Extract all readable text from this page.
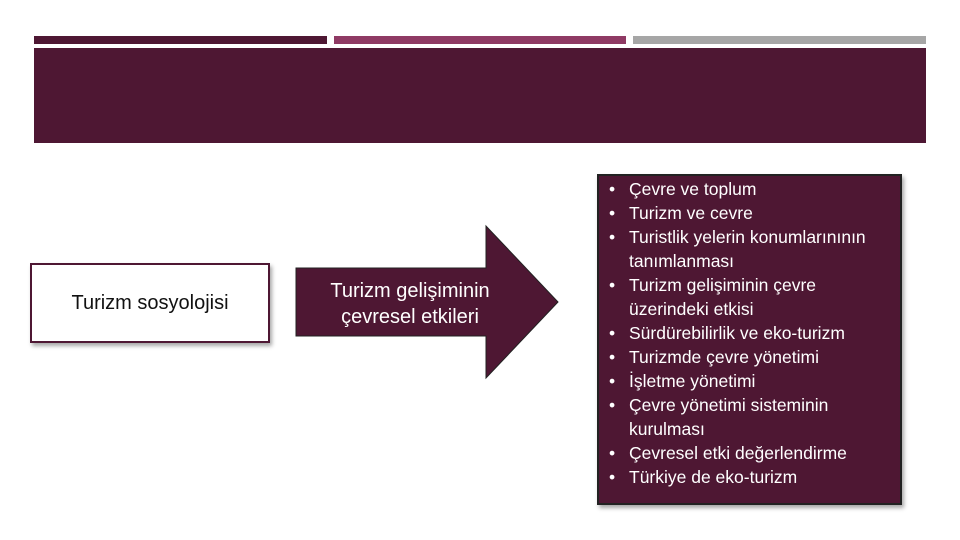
Turizm sosyolojisi
Turizm gelişiminin çevresel etkileri
• Çevre ve toplum
• Turizm ve cevre
• Turistlik yelerin konumlarınının tanımlanması
• Turizm gelişiminin çevre üzerindeki etkisi
• Sürdürebilirlik ve eko-turizm
• Turizmde çevre yönetimi
• İşletme yönetimi
• Çevre yönetimi sisteminin kurulması
• Çevresel etki değerlendirme
• Türkiye de eko-turizm
